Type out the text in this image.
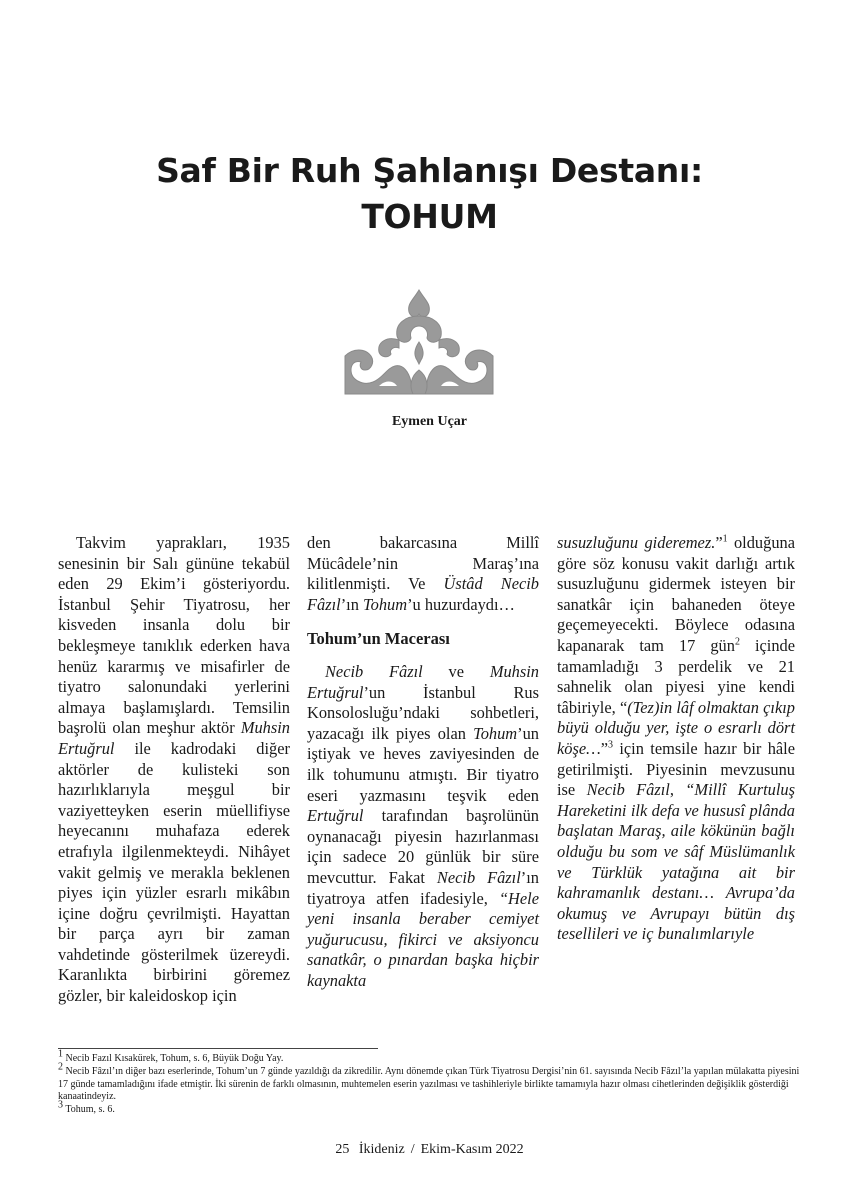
Saf Bir Ruh Şahlanışı Destanı:
TOHUM
Eymen Uçar

Takvim yaprakları, 1935 senesinin bir Salı gününe tekabül eden 29 Ekim’i gösteriyordu. İstanbul Şehir Tiyatrosu, her kisveden insanla dolu bir bekleşmeye tanıklık ederken hava henüz kararmış ve misafirler de tiyatro salonundaki yerlerini almaya başlamışlardı. Temsilin başrolü olan meşhur aktör Muhsin Ertuğrul ile kadrodaki diğer aktörler de kulisteki son hazırlıklarıyla meşgul bir vaziyetteyken eserin müellifiyse heyecanını muhafaza ederek etrafıyla ilgilenmekteydi. Nihâyet vakit gelmiş ve merakla beklenen piyes için yüzler esrarlı mikâbın içine doğru çevrilmişti. Hayattan bir parça ayrı bir zaman vahdetinde gösterilmek üzereydi. Karanlıkta birbirini göremez gözler, bir kaleidoskop için

den bakarcasına Millî Mücâdele’nin Maraş’ına kilitlenmişti. Ve Üstâd Necib Fâzıl’ın Tohum’u huzurdaydı…

Tohum’un Macerası

Necib Fâzıl ve Muhsin Ertuğrul’un İstanbul Rus Konsolosluğu’ndaki sohbetleri, yazacağı ilk piyes olan Tohum’un iştiyak ve heves zaviyesinden de ilk tohumunu atmıştı. Bir tiyatro eseri yazmasını teşvik eden Ertuğrul tarafından başrolünün oynanacağı piyesin hazırlanması için sadece 20 günlük bir süre mevcuttur. Fakat Necib Fâzıl’ın tiyatroya atfen ifadesiyle, “Hele yeni insanla beraber cemiyet yuğurucusu, fikirci ve aksiyoncu sanatkâr, o pınardan başka hiçbir kaynakta

susuzluğunu gideremez.”$^1$ olduğuna göre söz konusu vakit darlığı artık susuzluğunu gidermek isteyen bir sanatkâr için bahaneden öteye geçemeyecekti. Böylece odasına kapanarak tam 17 gün$^2$ içinde tamamladığı 3 perdelik ve 21 sahnelik olan piyesi yine kendi tâbiriyle, “(Tez)in lâf olmaktan çıkıp büyü olduğu yer, işte o esrarlı dört köşe…”$^3$ için temsile hazır bir hâle getirilmişti. Piyesinin mevzusunu ise Necib Fâzıl, “Millî Kurtuluş Hareketini ilk defa ve hususî plânda başlatan Maraş, aile kökünün bağlı olduğu bu som ve sâf Müslümanlık ve Türklük yatağına ait bir kahramanlık destanı… Avrupa’da okumuş ve Avrupayı bütün dış tesellileri ve iç bunalımlarıyle

$^1$ Necib Fazıl Kısakürek, Tohum, s. 6, Büyük Doğu Yay.

$^2$ Necib Fâzıl’ın diğer bazı eserlerinde, Tohum’un 7 günde yazıldığı da zikredilir. Aynı dönemde çıkan Türk Tiyatrosu Dergisi’nin 61. sayısında Necib Fâzıl’la yapılan mülakatta piyesini 17 günde tamamladığını ifade etmiştir. İki sürenin de farklı olmasının, muhtemelen eserin yazılması ve tashihleriyle birlikte tamamıyla hazır olması cihetlerinden değişiklik gösterdiği kanaatindeyiz.

$^3$ Tohum, s. 6.

25 İkideniz / Ekim-Kasım 2022
